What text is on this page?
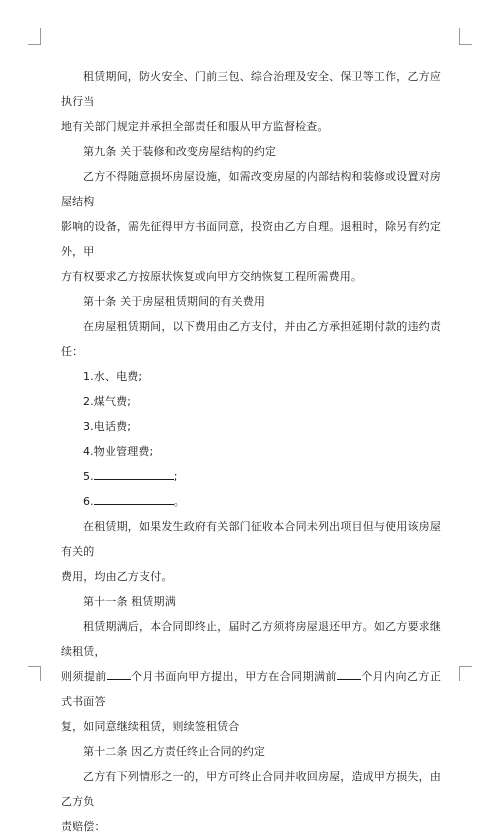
租赁期间，防火安全、门前三包、综合治理及安全、保卫等工作，乙方应执行当
地有关部门规定并承担全部责任和服从甲方监督检查。

第九条 关于装修和改变房屋结构的约定

乙方不得随意损坏房屋设施，如需改变房屋的内部结构和装修或设置对房屋结构
影响的设备，需先征得甲方书面同意，投资由乙方自理。退租时，除另有约定外，甲
方有权要求乙方按原状恢复或向甲方交纳恢复工程所需费用。

第十条 关于房屋租赁期间的有关费用

在房屋租赁期间，以下费用由乙方支付，并由乙方承担延期付款的违约责任：

1.水、电费;

2.煤气费;

3.电话费;

4.物业管理费;

5.	;

6.	。

在租赁期，如果发生政府有关部门征收本合同未列出项目但与使用该房屋有关的
费用，均由乙方支付。

第十一条 租赁期满

租赁期满后，本合同即终止，届时乙方须将房屋退还甲方。如乙方要求继续租赁，
则须提前 个月书面向甲方提出，甲方在合同期满前 个月内向乙方正式书面答
复，如同意继续租赁，则续签租赁合

第十二条 因乙方责任终止合同的约定

乙方有下列情形之一的，甲方可终止合同并收回房屋，造成甲方损失，由乙方负
责赔偿：
